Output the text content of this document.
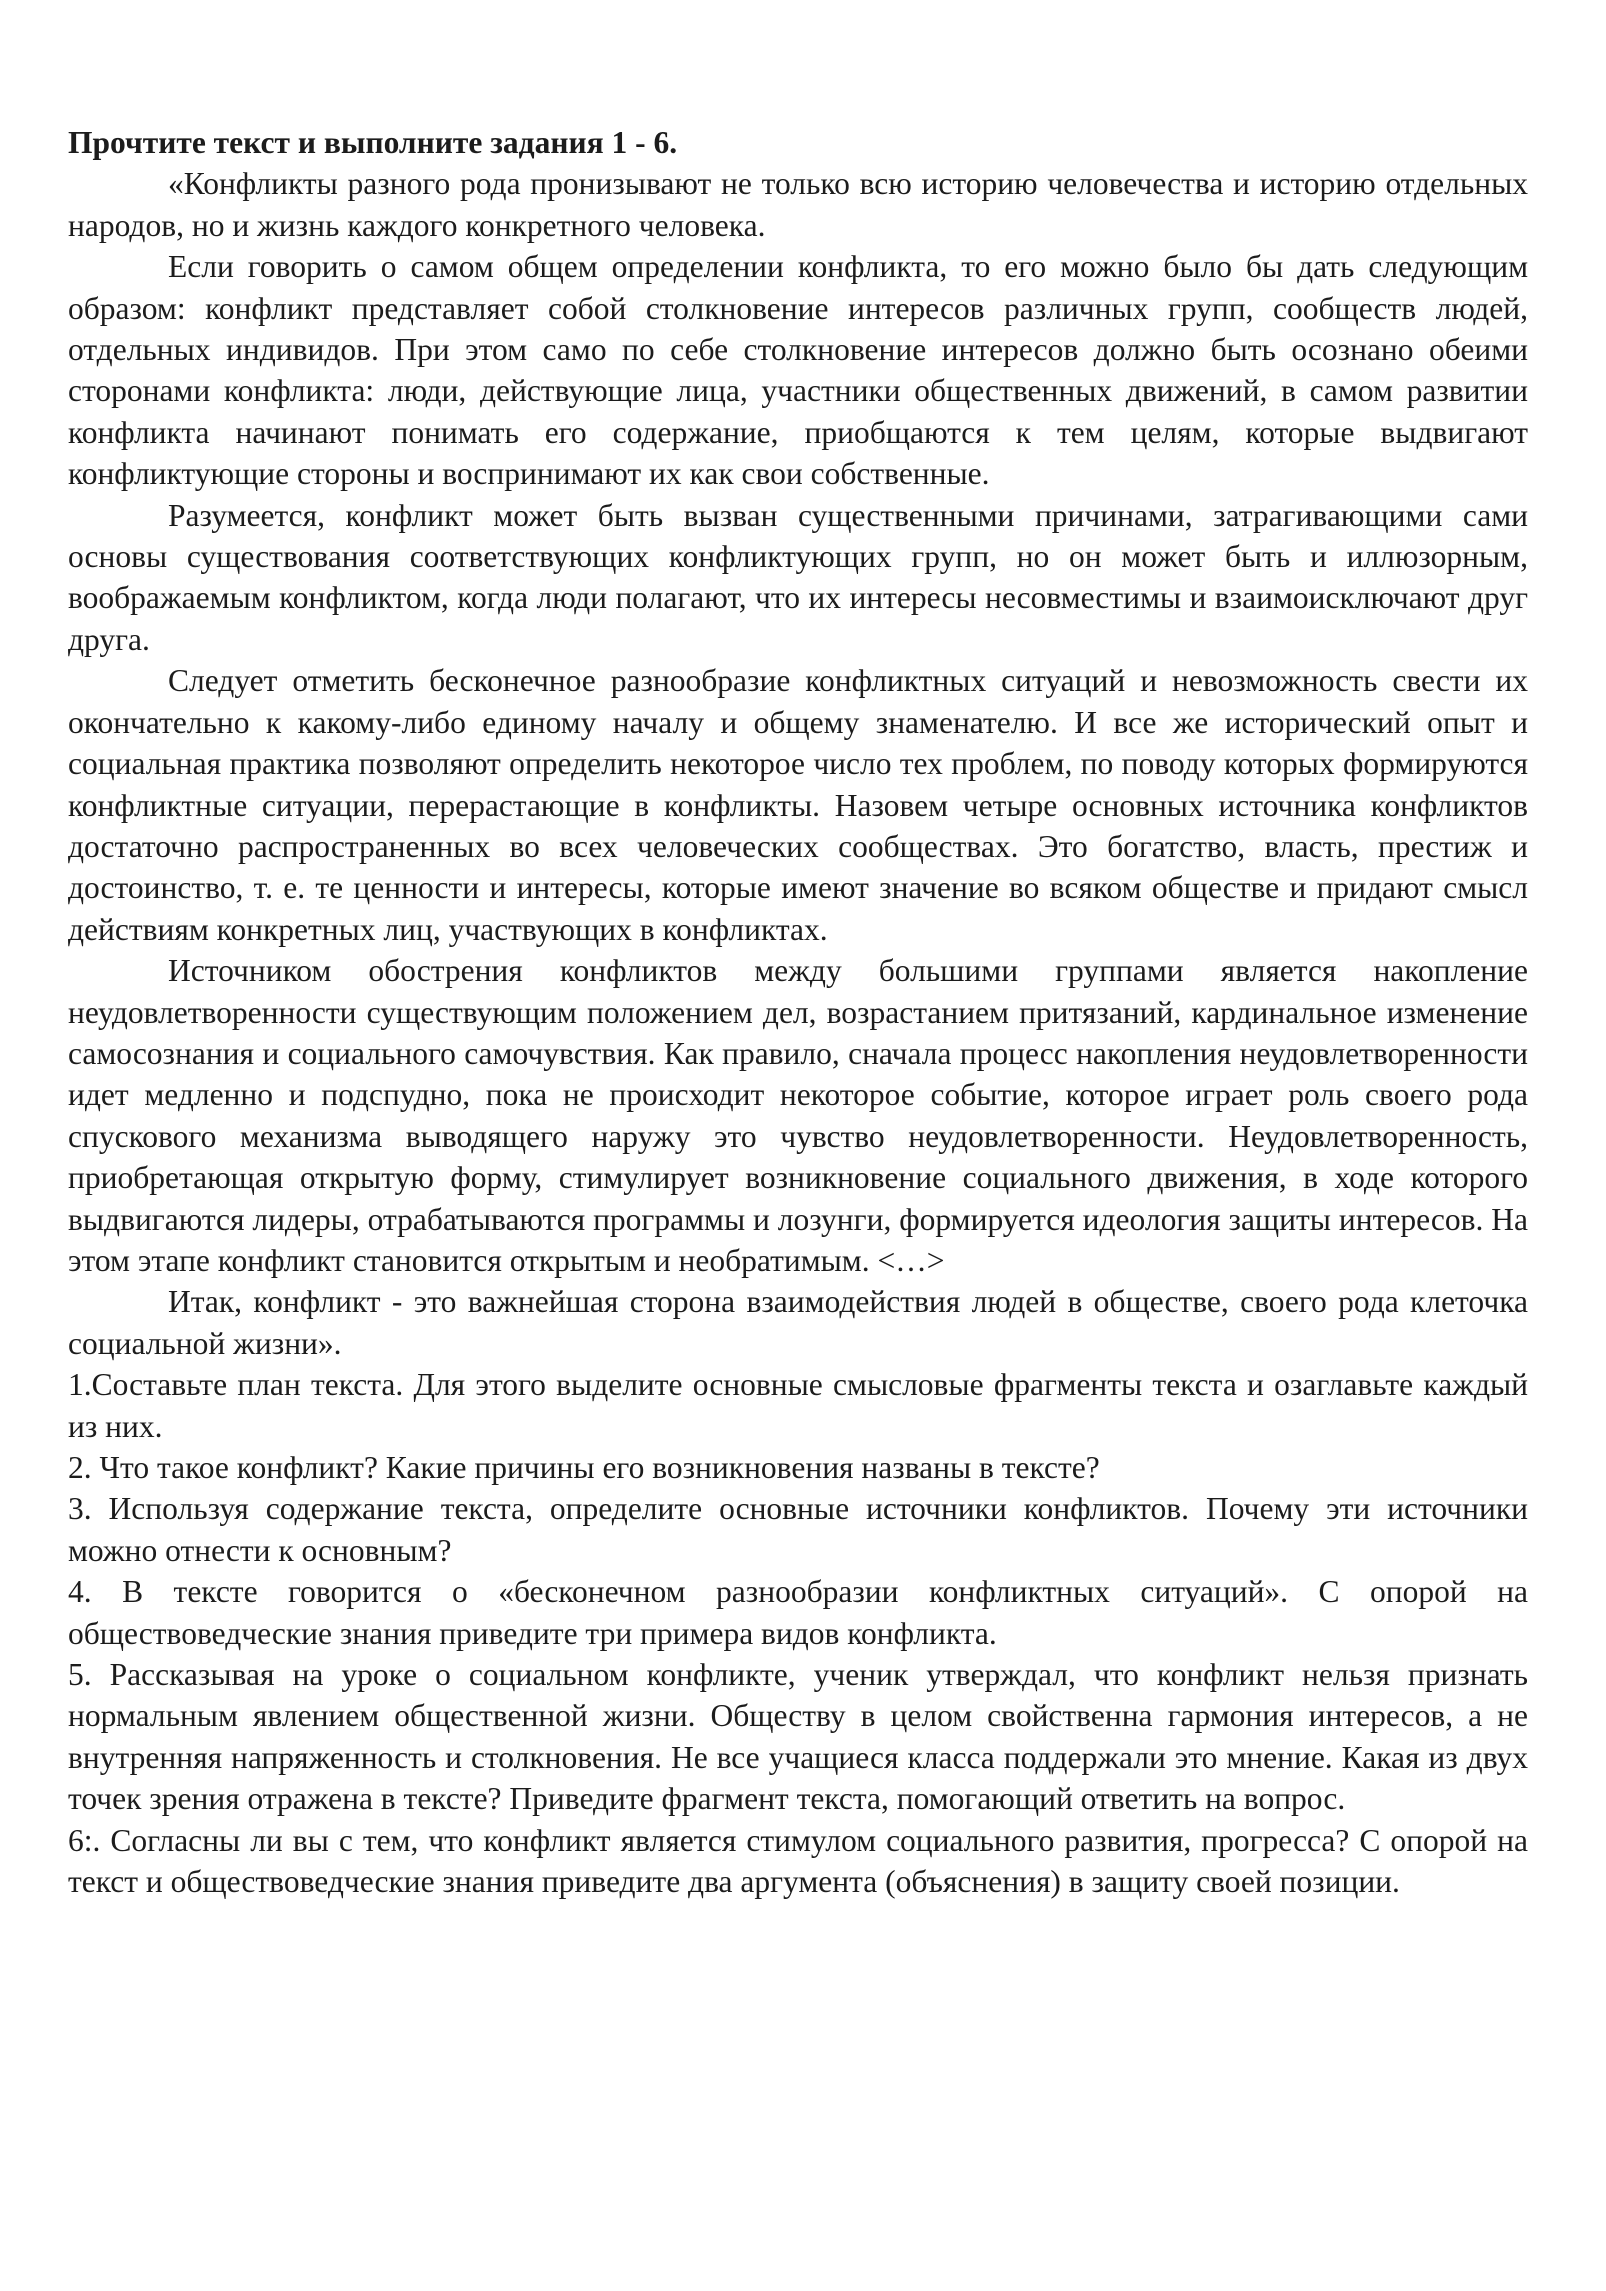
Прочтите текст и выполните задания 1 - 6.

«Конфликты разного рода пронизывают не только всю историю человечества и историю отдельных народов, но и жизнь каждого конкретного человека.

Если говорить о самом общем определении конфликта, то его можно было бы дать следующим образом: конфликт представляет собой столкновение интересов различных групп, сообществ людей, отдельных индивидов. При этом само по себе столкновение интересов должно быть осознано обеими сторонами конфликта: люди, действующие лица, участники общественных движений, в самом развитии конфликта начинают понимать его содержание, приобщаются к тем целям, которые выдвигают конфликтующие стороны и воспринимают их как свои собственные.

Разумеется, конфликт может быть вызван существенными причинами, затрагивающими сами основы существования соответствующих конфликтующих групп, но он может быть и иллюзорным, воображаемым конфликтом, когда люди полагают, что их интересы несовместимы и взаимоисключают друг друга.

Следует отметить бесконечное разнообразие конфликтных ситуаций и невозможность свести их окончательно к какому-либо единому началу и общему знаменателю. И все же исторический опыт и социальная практика позволяют определить некоторое число тех проблем, по поводу которых формируются конфликтные ситуации, перерастающие в конфликты. Назовем четыре основных источника конфликтов достаточно распространенных во всех человеческих сообществах. Это богатство, власть, престиж и достоинство, т. е. те ценности и интересы, которые имеют значение во всяком обществе и придают смысл действиям конкретных лиц, участвующих в конфликтах.

Источником обострения конфликтов между большими группами является накопление неудовлетворенности существующим положением дел, возрастанием притязаний, кардинальное изменение самосознания и социального самочувствия. Как правило, сначала процесс накопления неудовлетворенности идет медленно и подспудно, пока не происходит некоторое событие, которое играет роль своего рода спускового механизма выводящего наружу это чувство неудовлетворенности. Неудовлетворенность, приобретающая открытую форму, стимулирует возникновение социального движения, в ходе которого выдвигаются лидеры, отрабатываются программы и лозунги, формируется идеология защиты интересов. На этом этапе конфликт становится открытым и необратимым. <…>

Итак, конфликт - это важнейшая сторона взаимодействия людей в обществе, своего рода клеточка социальной жизни».

1.Составьте план текста. Для этого выделите основные смысловые фрагменты текста и озаглавьте каждый из них.

2. Что такое конфликт? Какие причины его возникновения названы в тексте?

3. Используя содержание текста, определите основные источники конфликтов. Почему эти источники можно отнести к основным?

4. В тексте говорится о «бесконечном разнообразии конфликтных ситуаций». С опорой на обществоведческие знания приведите три примера видов конфликта.

5. Рассказывая на уроке о социальном конфликте, ученик утверждал, что конфликт нельзя признать нормальным явлением общественной жизни. Обществу в целом свойственна гармония интересов, а не внутренняя напряженность и столкновения. Не все учащиеся класса поддержали это мнение. Какая из двух точек зрения отражена в тексте? Приведите фрагмент текста, помогающий ответить на вопрос.

6:. Согласны ли вы с тем, что конфликт является стимулом социального развития, прогресса? С опорой на текст и обществоведческие знания приведите два аргумента (объяснения) в защиту своей позиции.
